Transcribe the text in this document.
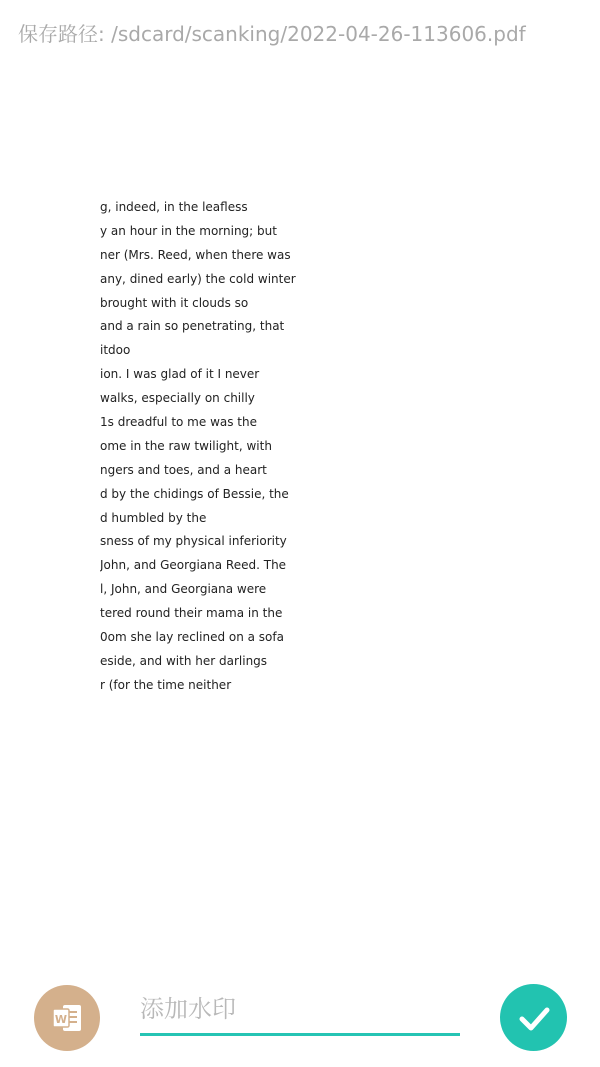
保存路径: /sdcard/scanking/2022-04-26-113606.pdf
g, indeed, in the leafless
y an hour in the morning; but
ner (Mrs. Reed, when there was
any, dined early) the cold winter
brought with it clouds so
and a rain so penetrating, that
itdoo
ion. I was glad of it I never
walks, especially on chilly
1s dreadful to me was the
ome in the raw twilight, with
ngers and toes, and a heart
d by the chidings of Bessie, the
d humbled by the
sness of my physical inferiority
John, and Georgiana Reed. The
l, John, and Georgiana were
tered round their mama in the
0om she lay reclined on a sofa
eside, and with her darlings
r (for the time neither
W
添加水印
